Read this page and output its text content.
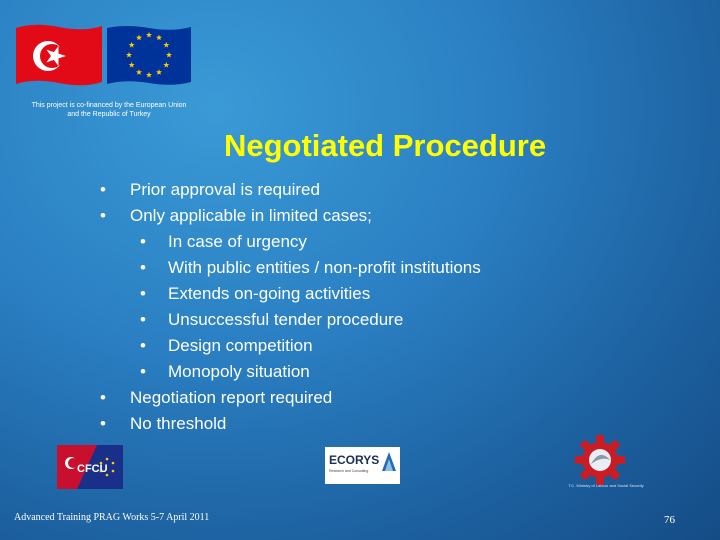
This project is co-financed by the European Union
and the Republic of Turkey
Negotiated Procedure
• Prior approval is required
• Only applicable in limited cases;
• In case of urgency
• With public entities / non-profit institutions
• Extends on-going activities
• Unsuccessful tender procedure
• Design competition
• Monopoly situation
• Negotiation report required
• No threshold
CFCU
ECORYS
Research and Consulting
T.C. Ministry of Labour and Social Security
Advanced Training PRAG Works 5-7 April 2011	76
